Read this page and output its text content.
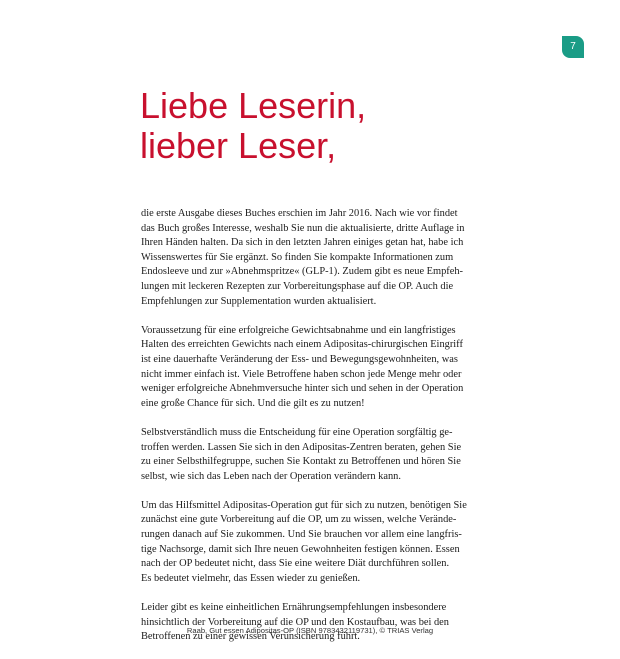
7
Liebe Leserin,
lieber Leser,

die erste Ausgabe dieses Buches erschien im Jahr 2016. Nach wie vor findet
das Buch großes Interesse, weshalb Sie nun die aktualisierte, dritte Auflage in
Ihren Händen halten. Da sich in den letzten Jahren einiges getan hat, habe ich
Wissenswertes für Sie ergänzt. So finden Sie kompakte Informationen zum
Endosleeve und zur »Abnehmspritze« (GLP-1). Zudem gibt es neue Empfeh-
lungen mit leckeren Rezepten zur Vorbereitungsphase auf die OP. Auch die
Empfehlungen zur Supplementation wurden aktualisiert.

Voraussetzung für eine erfolgreiche Gewichtsabnahme und ein langfristiges
Halten des erreichten Gewichts nach einem Adipositas-chirurgischen Eingriff
ist eine dauerhafte Veränderung der Ess- und Bewegungsgewohnheiten, was
nicht immer einfach ist. Viele Betroffene haben schon jede Menge mehr oder
weniger erfolgreiche Abnehmversuche hinter sich und sehen in der Operation
eine große Chance für sich. Und die gilt es zu nutzen!

Selbstverständlich muss die Entscheidung für eine Operation sorgfältig ge-
troffen werden. Lassen Sie sich in den Adipositas-Zentren beraten, gehen Sie
zu einer Selbsthilfegruppe, suchen Sie Kontakt zu Betroffenen und hören Sie
selbst, wie sich das Leben nach der Operation verändern kann.

Um das Hilfsmittel Adipositas-Operation gut für sich zu nutzen, benötigen Sie
zunächst eine gute Vorbereitung auf die OP, um zu wissen, welche Verände-
rungen danach auf Sie zukommen. Und Sie brauchen vor allem eine langfris-
tige Nachsorge, damit sich Ihre neuen Gewohnheiten festigen können. Essen
nach der OP bedeutet nicht, dass Sie eine weitere Diät durchführen sollen.
Es bedeutet vielmehr, das Essen wieder zu genießen.

Leider gibt es keine einheitlichen Ernährungsempfehlungen insbesondere
hinsichtlich der Vorbereitung auf die OP und den Kostaufbau, was bei den
Betroffenen zu einer gewissen Verunsicherung führt.

Raab, Gut essen Adipositas-OP (ISBN 9783432119731), © TRIAS Verlag
